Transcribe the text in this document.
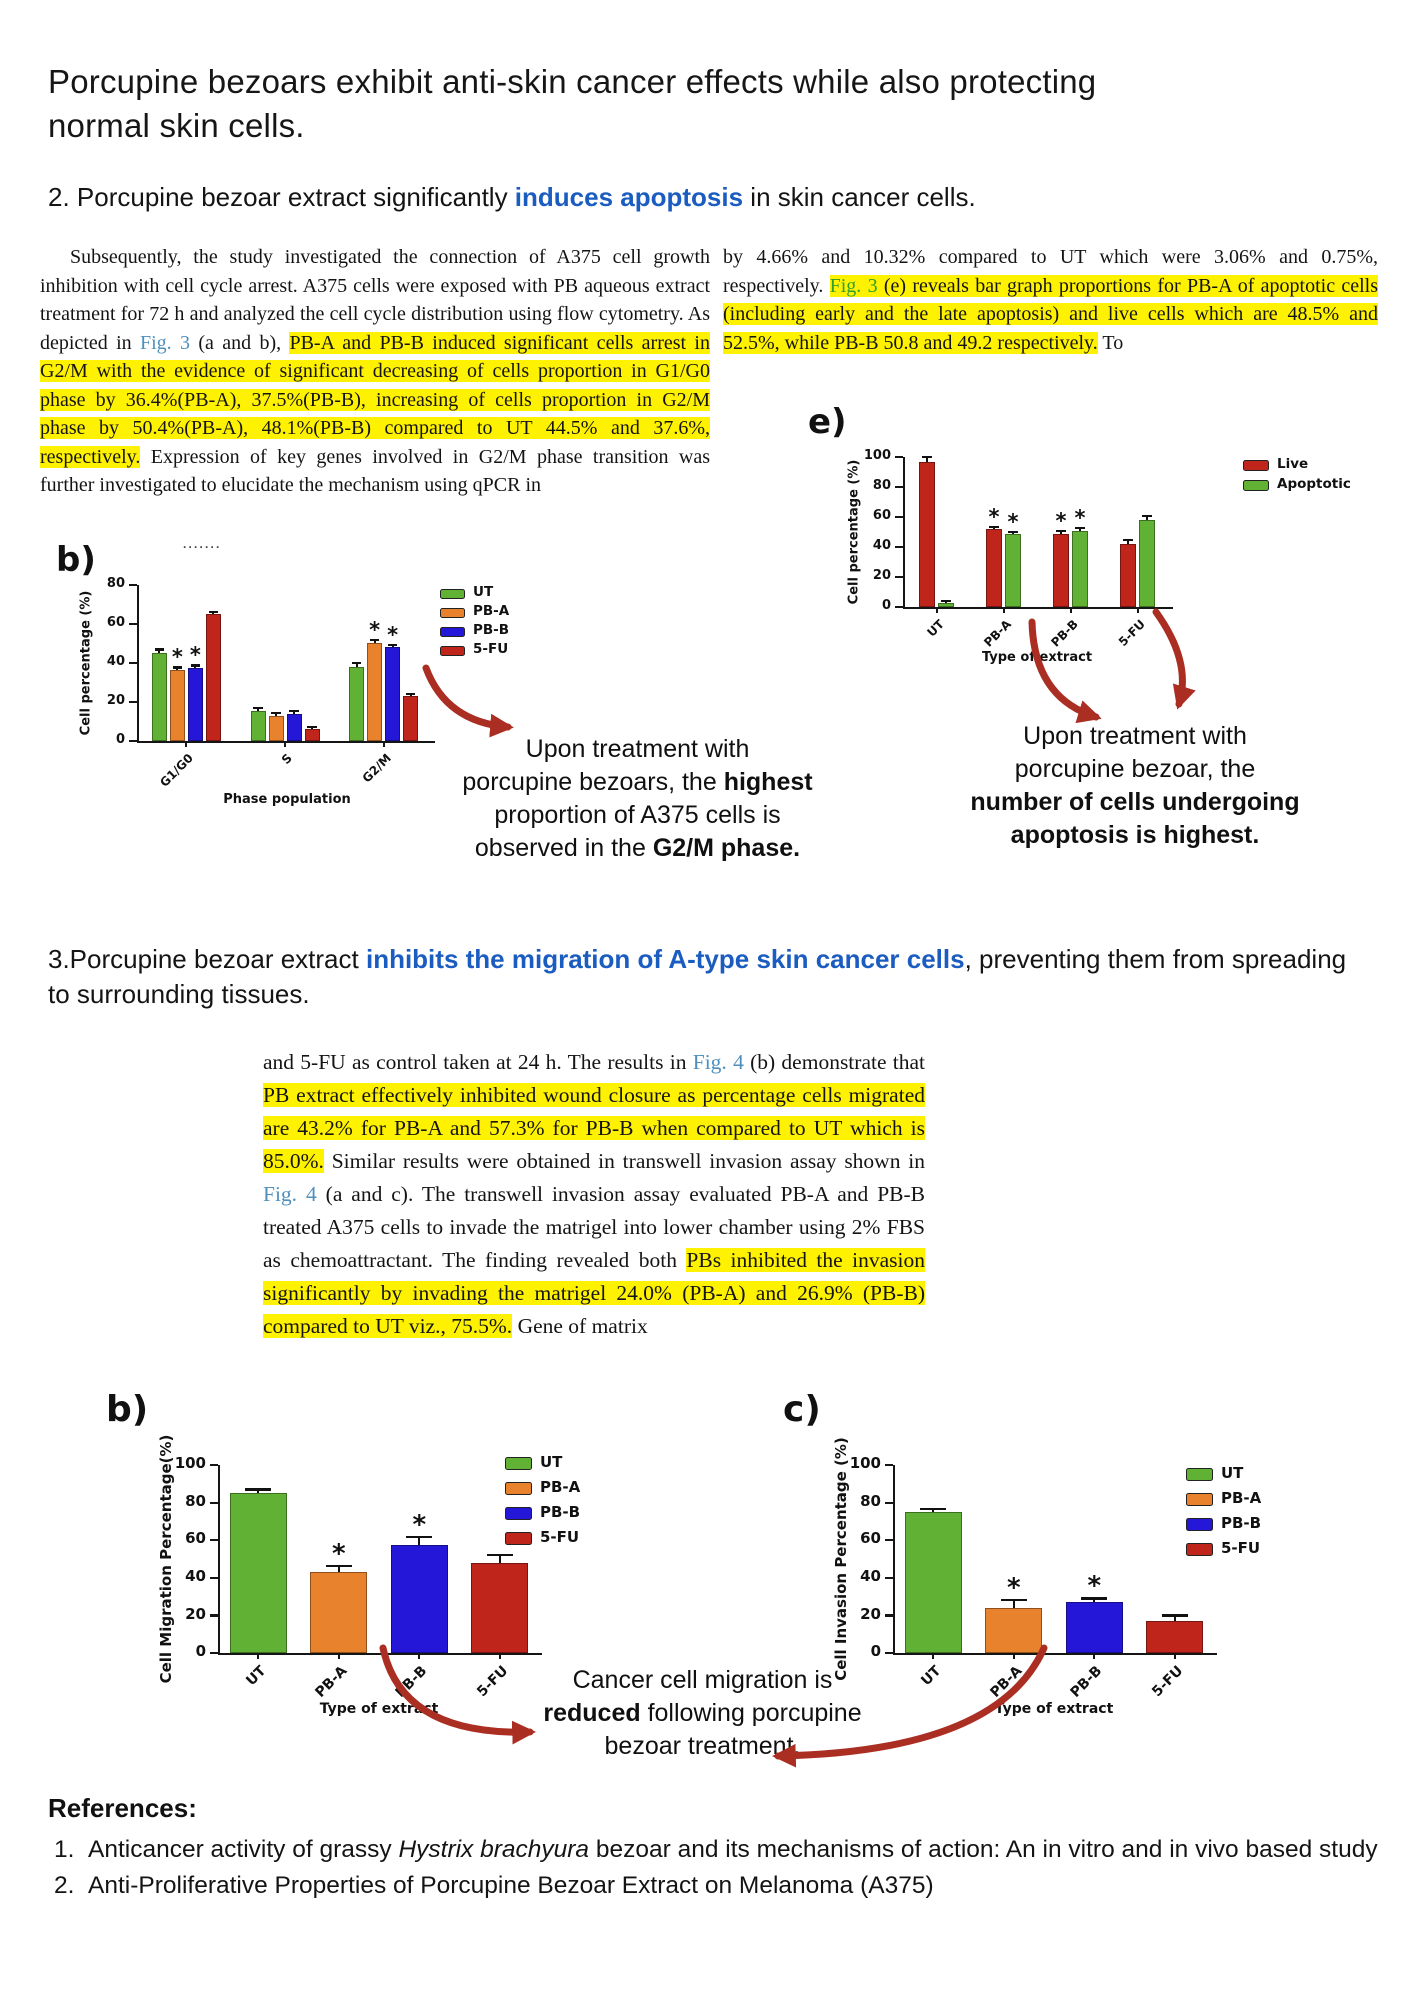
Porcupine bezoars exhibit anti-skin cancer effects while also protecting
normal skin cells.
2. Porcupine bezoar extract significantly induces apoptosis in skin cancer cells.
Subsequently, the study investigated the connection of A375 cell growth inhibition with cell cycle arrest. A375 cells were exposed with PB aqueous extract treatment for 72 h and analyzed the cell cycle distribution using flow cytometry. As depicted in Fig. 3 (a and b), PB-A and PB-B induced significant cells arrest in G2/M with the evidence of significant decreasing of cells proportion in G1/G0 phase by 36.4%(PB-A), 37.5%(PB-B), increasing of cells proportion in G2/M phase by 50.4%(PB-A), 48.1%(PB-B) compared to UT 44.5% and 37.6%, respectively. Expression of key genes involved in G2/M phase transition was further investigated to elucidate the mechanism using qPCR in
by 4.66% and 10.32% compared to UT which were 3.06% and 0.75%, respectively. Fig. 3 (e) reveals bar graph proportions for PB-A of apoptotic cells (including early and the late apoptosis) and live cells which are 48.5% and 52.5%, while PB-B 50.8 and 49.2 respectively. To
·······
b)
0
20
40
60
80
Cell percentage (%)	* *
G1/G0	S
* *
G2/M
Phase population
UT
PB-A
PB-B
5-FU
e)
0
20
40
60
80
100
Cell percentage (%)
UT
* *
PB-A
* *
PB-B	5-FU
Type of extract
Live
Apoptotic
Upon treatment with
porcupine bezoars, the highest
proportion of A375 cells is
observed in the G2/M phase.
Upon treatment with
porcupine bezoar, the
number of cells undergoing
apoptosis is highest.
3.Porcupine bezoar extract inhibits the migration of A-type skin cancer cells, preventing them from spreading to surrounding tissues.
and 5-FU as control taken at 24 h. The results in Fig. 4 (b) demonstrate that PB extract effectively inhibited wound closure as percentage cells migrated are 43.2% for PB-A and 57.3% for PB-B when compared to UT which is 85.0%. Similar results were obtained in transwell invasion assay shown in Fig. 4 (a and c). The transwell invasion assay evaluated PB-A and PB-B treated A375 cells to invade the matrigel into lower chamber using 2% FBS as chemoattractant. The finding revealed both PBs inhibited the invasion significantly by invading the matrigel 24.0% (PB-A) and 26.9% (PB-B) compared to UT viz., 75.5%. Gene of matrix
b)
0
20
40
60
80
100
Cell Migration Percentage(%)	UT
*
PB-A
*
PB-B	5-FU
Type of extract
UT
PB-A
PB-B
5-FU
c)
0
20
40
60
80
100
Cell Invasion Percentage (%)	UT
*
PB-A
*
PB-B	5-FU
Type of extract
UT
PB-A
PB-B
5-FU
Cancer cell migration is
reduced following porcupine
bezoar treatment.
References:
1. Anticancer activity of grassy Hystrix brachyura bezoar and its mechanisms of action: An in vitro and in vivo based study
2. Anti-Proliferative Properties of Porcupine Bezoar Extract on Melanoma (A375)
